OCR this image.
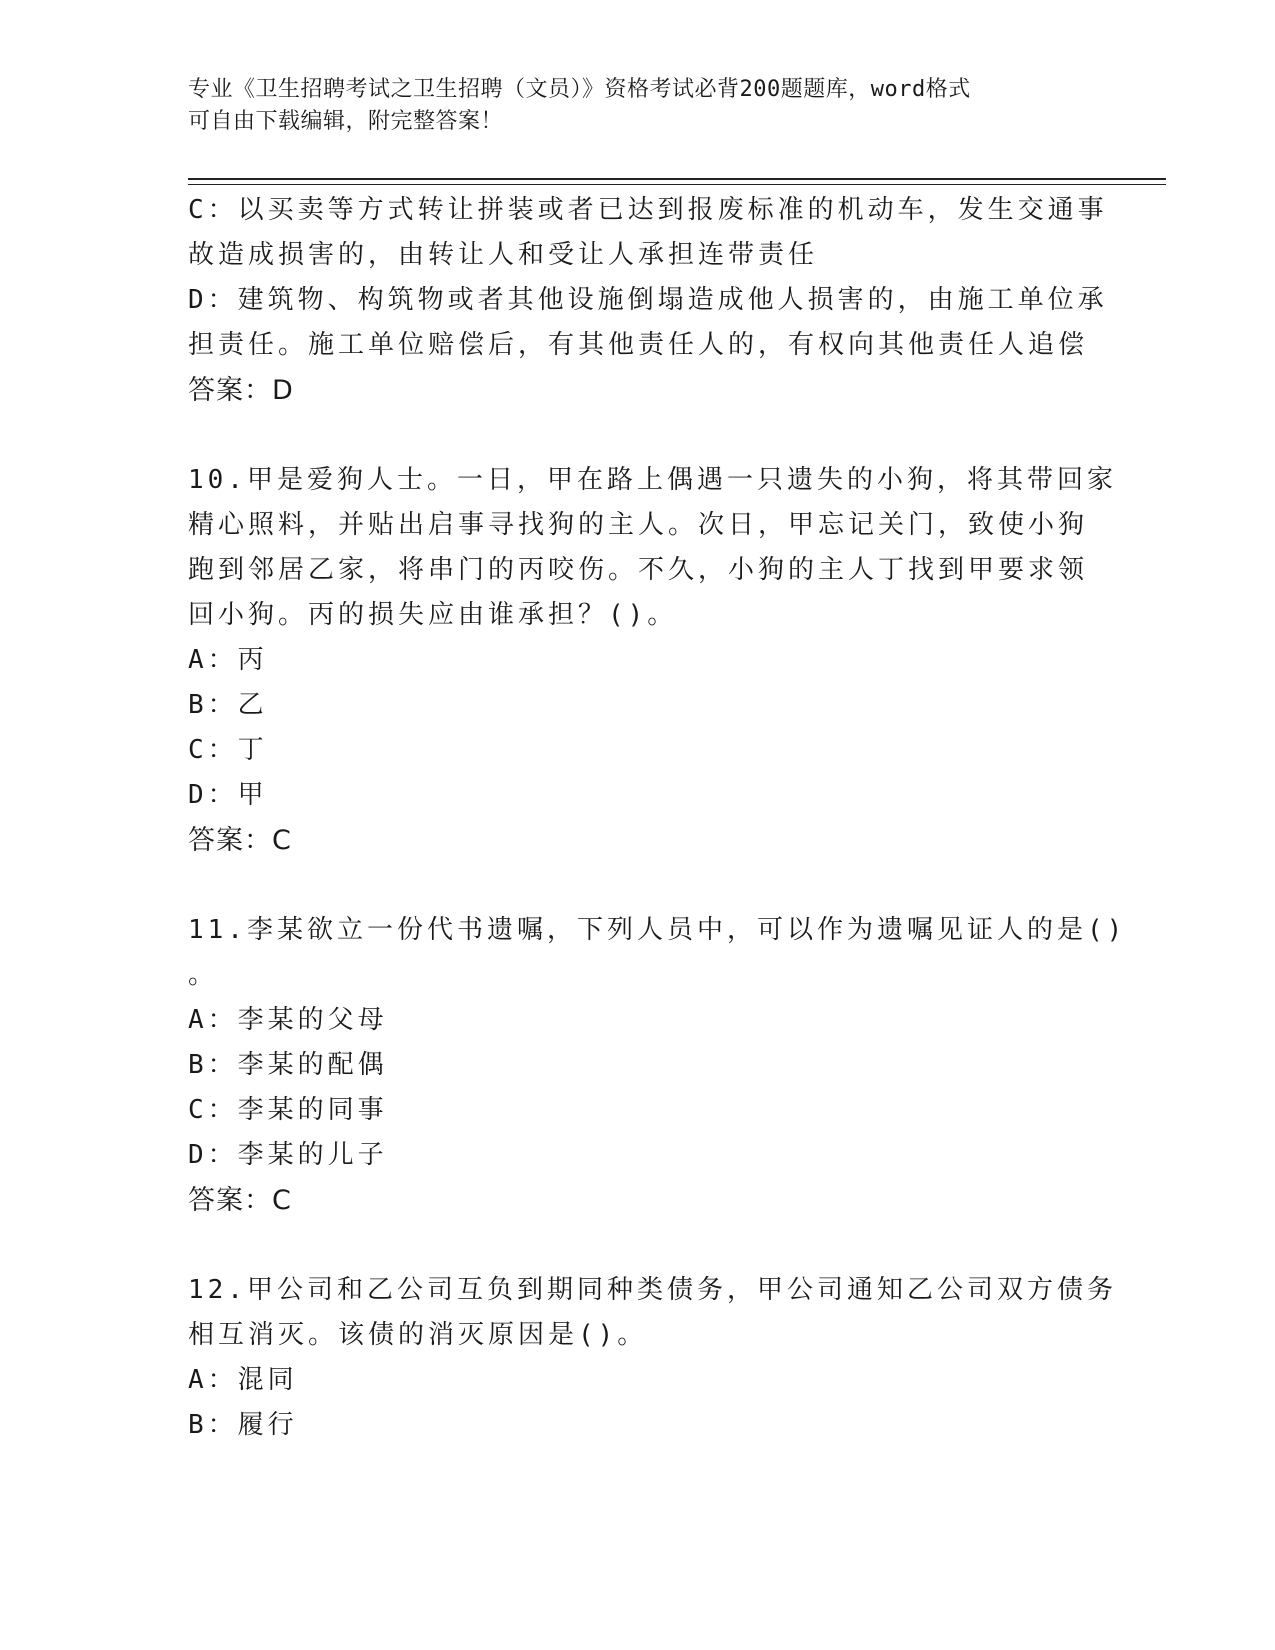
专业《卫生招聘考试之卫生招聘（文员）》资格考试必背200题题库，word格式
可自由下载编辑，附完整答案！

C：以买卖等方式转让拼装或者已达到报废标准的机动车，发生交通事

故造成损害的，由转让人和受让人承担连带责任

D：建筑物、构筑物或者其他设施倒塌造成他人损害的，由施工单位承

担责任。施工单位赔偿后，有其他责任人的，有权向其他责任人追偿

答案：D

10.甲是爱狗人士。一日，甲在路上偶遇一只遗失的小狗，将其带回家

精心照料，并贴出启事寻找狗的主人。次日，甲忘记关门，致使小狗

跑到邻居乙家，将串门的丙咬伤。不久，小狗的主人丁找到甲要求领

回小狗。丙的损失应由谁承担？()。

A：丙

B：乙

C：丁

D：甲

答案：C

11.李某欲立一份代书遗嘱，下列人员中，可以作为遗嘱见证人的是()

。

A：李某的父母

B：李某的配偶

C：李某的同事

D：李某的儿子

答案：C

12.甲公司和乙公司互负到期同种类债务，甲公司通知乙公司双方债务

相互消灭。该债的消灭原因是()。

A：混同

B：履行
